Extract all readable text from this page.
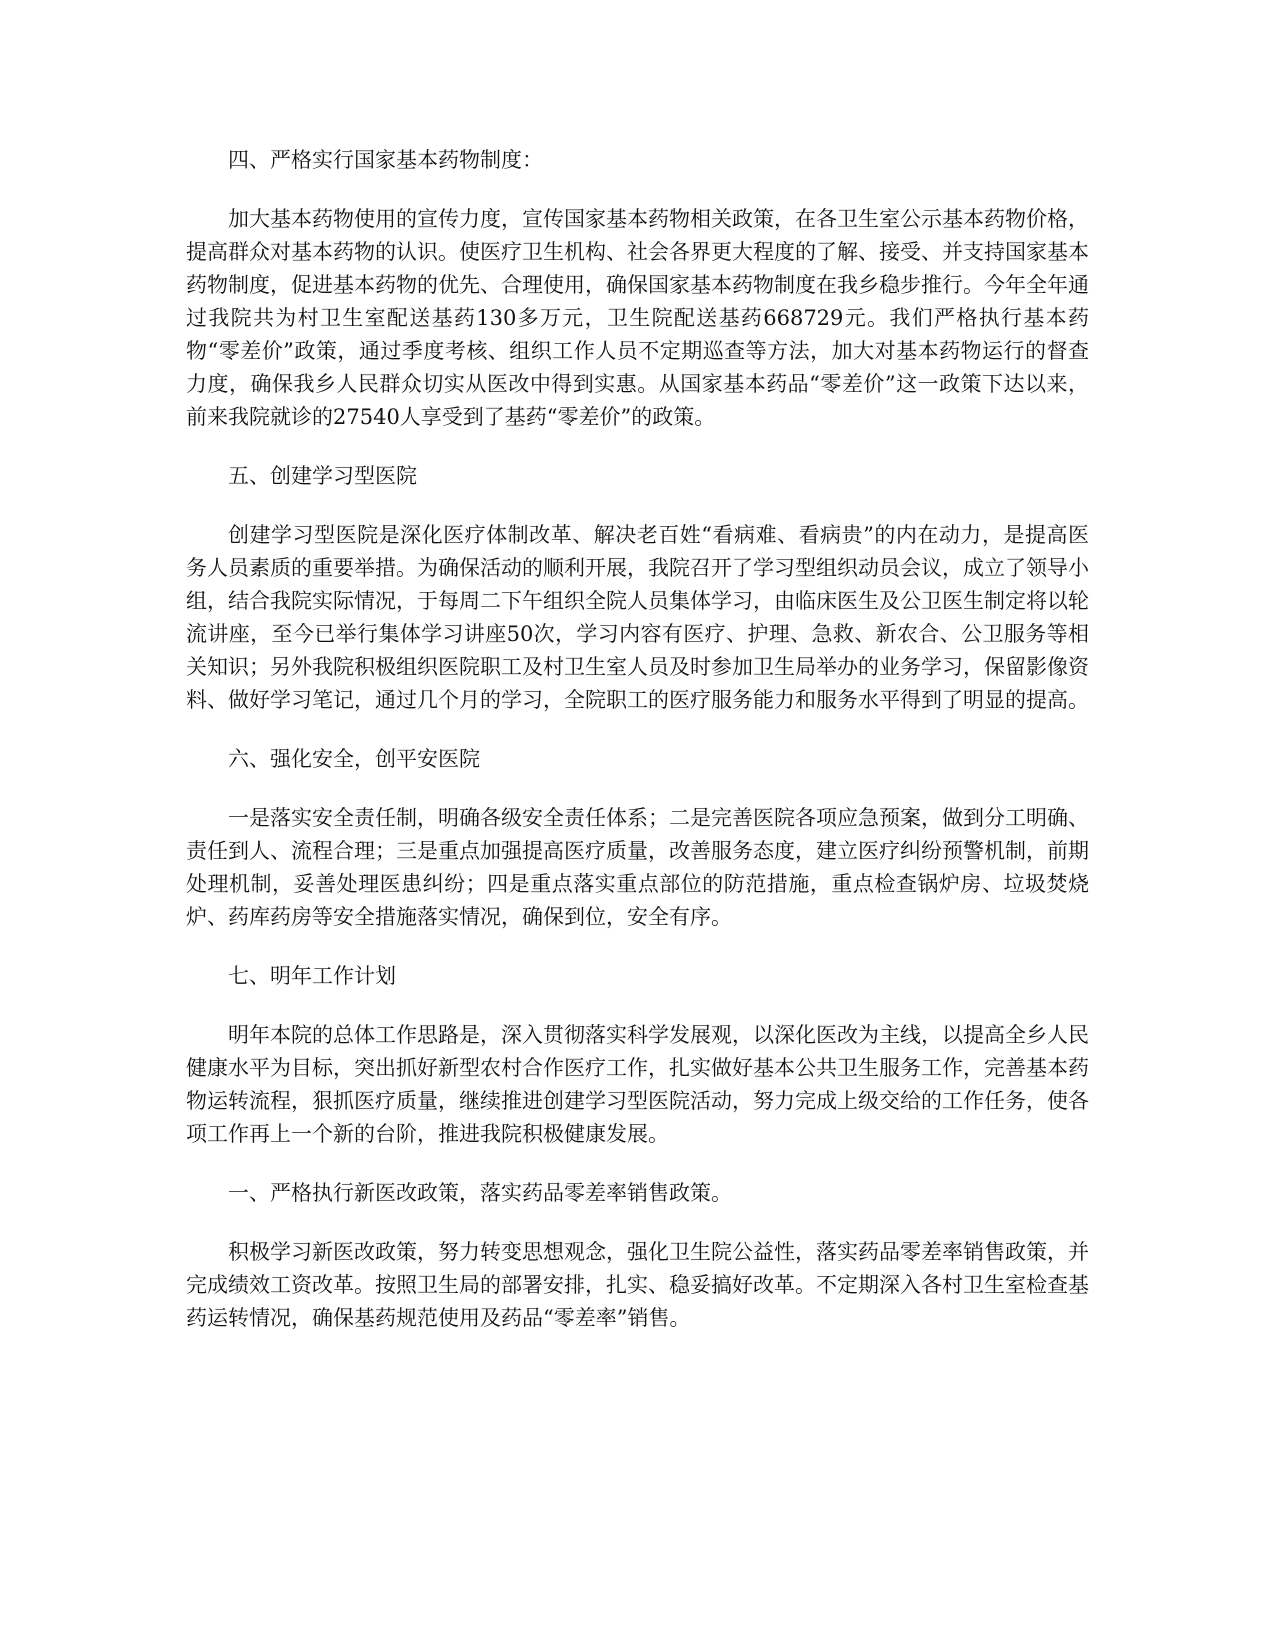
四、严格实行国家基本药物制度：

加大基本药物使用的宣传力度，宣传国家基本药物相关政策，在各卫生室公示基本药物价格，提高群众对基本药物的认识。使医疗卫生机构、社会各界更大程度的了解、接受、并支持国家基本药物制度，促进基本药物的优先、合理使用，确保国家基本药物制度在我乡稳步推行。今年全年通过我院共为村卫生室配送基药130多万元，卫生院配送基药668729元。我们严格执行基本药物“零差价”政策，通过季度考核、组织工作人员不定期巡查等方法，加大对基本药物运行的督查力度，确保我乡人民群众切实从医改中得到实惠。从国家基本药品“零差价”这一政策下达以来，前来我院就诊的27540人享受到了基药“零差价”的政策。

五、创建学习型医院

创建学习型医院是深化医疗体制改革、解决老百姓“看病难、看病贵”的内在动力，是提高医务人员素质的重要举措。为确保活动的顺利开展，我院召开了学习型组织动员会议，成立了领导小组，结合我院实际情况，于每周二下午组织全院人员集体学习，由临床医生及公卫医生制定将以轮流讲座，至今已举行集体学习讲座50次，学习内容有医疗、护理、急救、新农合、公卫服务等相关知识；另外我院积极组织医院职工及村卫生室人员及时参加卫生局举办的业务学习，保留影像资料、做好学习笔记，通过几个月的学习，全院职工的医疗服务能力和服务水平得到了明显的提高。

六、强化安全，创平安医院

一是落实安全责任制，明确各级安全责任体系；二是完善医院各项应急预案，做到分工明确、责任到人、流程合理；三是重点加强提高医疗质量，改善服务态度，建立医疗纠纷预警机制，前期处理机制，妥善处理医患纠纷；四是重点落实重点部位的防范措施，重点检查锅炉房、垃圾焚烧炉、药库药房等安全措施落实情况，确保到位，安全有序。

七、明年工作计划

明年本院的总体工作思路是，深入贯彻落实科学发展观，以深化医改为主线，以提高全乡人民健康水平为目标，突出抓好新型农村合作医疗工作，扎实做好基本公共卫生服务工作，完善基本药物运转流程，狠抓医疗质量，继续推进创建学习型医院活动，努力完成上级交给的工作任务，使各项工作再上一个新的台阶，推进我院积极健康发展。

一、严格执行新医改政策，落实药品零差率销售政策。

积极学习新医改政策，努力转变思想观念，强化卫生院公益性，落实药品零差率销售政策，并完成绩效工资改革。按照卫生局的部署安排，扎实、稳妥搞好改革。不定期深入各村卫生室检查基药运转情况，确保基药规范使用及药品“零差率”销售。
